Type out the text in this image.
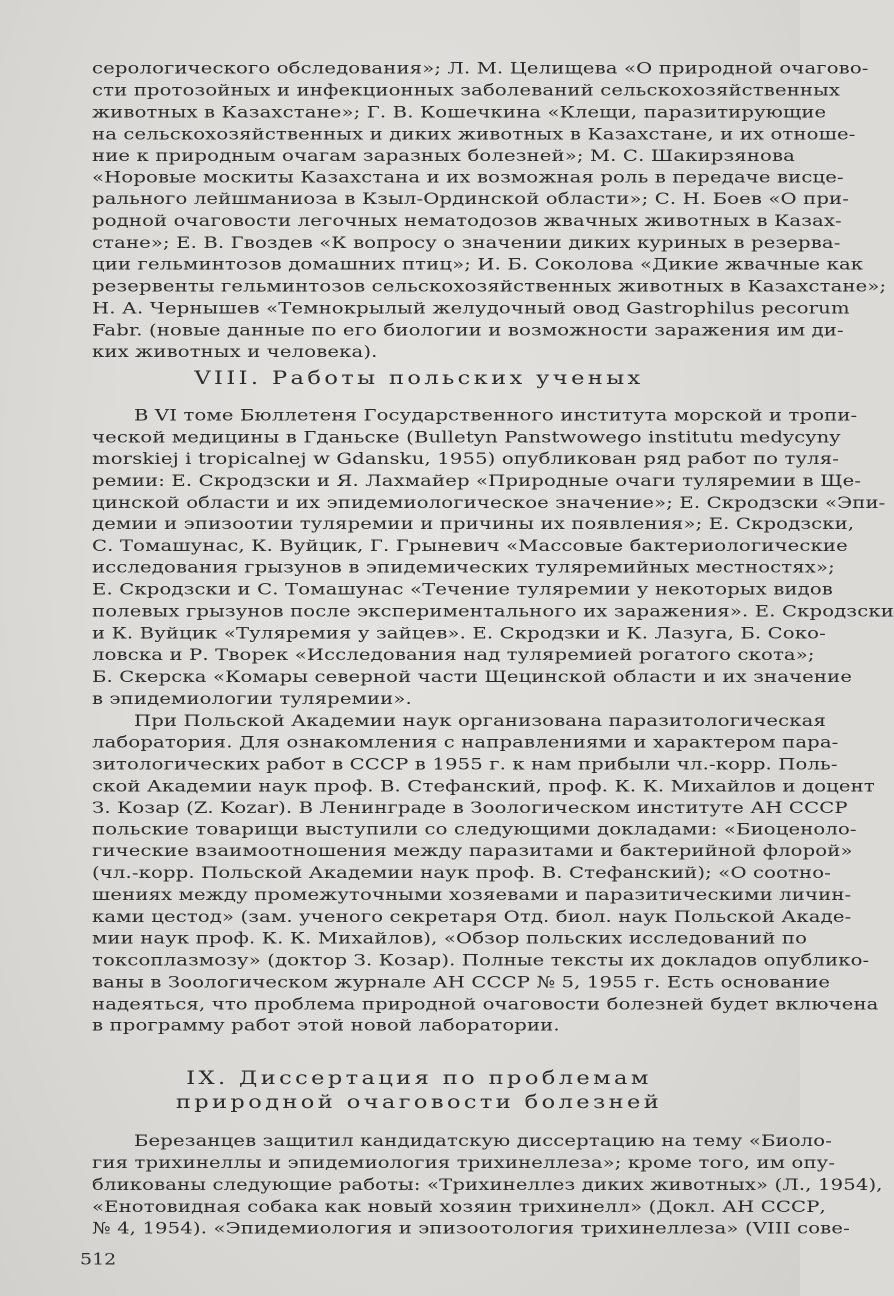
серологического обследования»; Л. М. Целищева «О природной очагово-
сти протозойных и инфекционных заболеваний сельскохозяйственных
животных в Казахстане»; Г. В. Кошечкина «Клещи, паразитирующие
на сельскохозяйственных и диких животных в Казахстане, и их отноше-
ние к природным очагам заразных болезней»; М. С. Шакирзянова
«Норовые москиты Казахстана и их возможная роль в передаче висце-
рального лейшманиоза в Кзыл-Ординской области»; С. Н. Боев «О при-
родной очаговости легочных нематодозов жвачных животных в Казах-
стане»; Е. В. Гвоздев «К вопросу о значении диких куриных в резерва-
ции гельминтозов домашних птиц»; И. Б. Соколова «Дикие жвачные как
резервенты гельминтозов сельскохозяйственных животных в Казахстане»;
Н. А. Чернышев «Темнокрылый желудочный овод Gastrophilus pecorum
Fabr. (новые данные по его биологии и возможности заражения им ди-
ких животных и человека).
VIII. Работы польских ученых
В VI томе Бюллетеня Государственного института морской и тропи-
ческой медицины в Гданьске (Bulletyn Panstwowego institutu medycyny
morskiej i tropicalnej w Gdansku, 1955) опубликован ряд работ по туля-
ремии: Е. Скродзски и Я. Лахмайер «Природные очаги туляремии в Ще-
цинской области и их эпидемиологическое значение»; Е. Скродзски «Эпи-
демии и эпизоотии туляремии и причины их появления»; Е. Скродзски,
С. Томашунас, К. Вуйцик, Г. Грыневич «Массовые бактериологические
исследования грызунов в эпидемических туляремийных местностях»;
Е. Скродзски и С. Томашунас «Течение туляремии у некоторых видов
полевых грызунов после экспериментального их заражения». Е. Скродзски
и К. Вуйцик «Туляремия у зайцев». Е. Скродзки и К. Лазуга, Б. Соко-
ловска и Р. Творек «Исследования над туляремией рогатого скота»;
Б. Скерска «Комары северной части Щецинской области и их значение
в эпидемиологии туляремии».
При Польской Академии наук организована паразитологическая
лаборатория. Для ознакомления с направлениями и характером пара-
зитологических работ в СССР в 1955 г. к нам прибыли чл.-корр. Поль-
ской Академии наук проф. В. Стефанский, проф. К. К. Михайлов и доцент
З. Козар (Z. Kozar). В Ленинграде в Зоологическом институте АН СССР
польские товарищи выступили со следующими докладами: «Биоценоло-
гические взаимоотношения между паразитами и бактерийной флорой»
(чл.-корр. Польской Академии наук проф. В. Стефанский); «О соотно-
шениях между промежуточными хозяевами и паразитическими личин-
ками цестод» (зам. ученого секретаря Отд. биол. наук Польской Акаде-
мии наук проф. К. К. Михайлов), «Обзор польских исследований по
токсоплазмозу» (доктор З. Козар). Полные тексты их докладов опублико-
ваны в Зоологическом журнале АН СССР № 5, 1955 г. Есть основание
надеяться, что проблема природной очаговости болезней будет включена
в программу работ этой новой лаборатории.
IX. Диссертация по проблемам
природной очаговости болезней
Березанцев защитил кандидатскую диссертацию на тему «Биоло-
гия трихинеллы и эпидемиология трихинеллеза»; кроме того, им опу-
бликованы следующие работы: «Трихинеллез диких животных» (Л., 1954),
«Енотовидная собака как новый хозяин трихинелл» (Докл. АН СССР,
№ 4, 1954). «Эпидемиология и эпизоотология трихинеллеза» (VIII сове-
512
